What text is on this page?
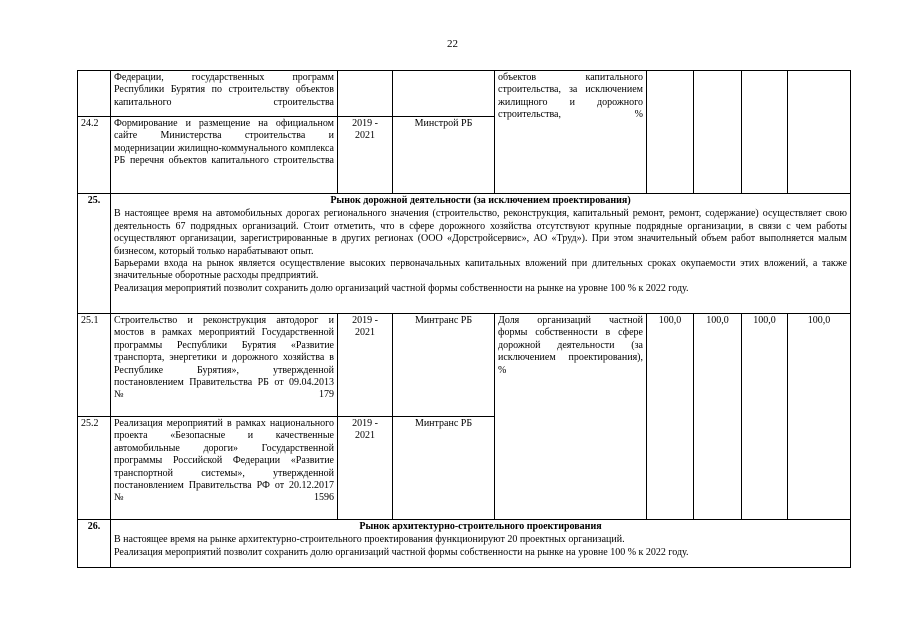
22
	Федерации, государственных программ Республики Бурятия по строительству объектов капитального строительства			объектов капитального строительства, за исключением жилищного и дорожного строительства, %				
24.2	Формирование и размещение на официальном сайте Министерства строительства и модернизации жилищно-коммунального комплекса РБ перечня объектов капитального строительства	2019 - 2021	Минстрой РБ					
25.	Рынок дорожной деятельности (за исключением проектирования)

В настоящее время на автомобильных дорогах регионального значения (строительство, реконструкция, капитальный ремонт, ремонт, содержание) осуществляет свою деятельность 67 подрядных организаций. Стоит отметить, что в сфере дорожного хозяйства отсутствуют крупные подрядные организации, в связи с чем работы осуществляют организации, зарегистрированные в других регионах (ООО «Дорстройсервис», АО «Труд»). При этом значительный объем работ выполняется малым бизнесом, который только нарабатывают опыт.

Барьерами входа на рынок является осуществление высоких первоначальных капитальных вложений при длительных сроках окупаемости этих вложений, а также значительные оборотные расходы предприятий.

Реализация мероприятий позволит сохранить долю организаций частной формы собственности на рынке на уровне 100 % к 2022 году.							

25.1	Строительство и реконструкция автодорог и мостов в рамках мероприятий Государственной программы Республики Бурятия «Развитие транспорта, энергетики и дорожного хозяйства в Республике Бурятия», утвержденной постановлением Правительства РБ от 09.04.2013 № 179	2019 - 2021	Минтранс РБ	Доля организаций частной формы собственности в сфере дорожной деятельности (за исключением проектирования), %	100,0	100,0	100,0	100,0
25.2	Реализация мероприятий в рамках национального проекта «Безопасные и качественные автомобильные дороги» Государственной программы Российской Федерации «Развитие транспортной системы», утвержденной постановлением Правительства РФ от 20.12.2017 № 1596	2019 - 2021	Минтранс РБ					
26.	Рынок архитектурно-строительного проектирования

В настоящее время на рынке архитектурно-строительного проектирования функционируют 20 проектных организаций.

Реализация мероприятий позволит сохранить долю организаций частной формы собственности на рынке на уровне 100 % к 2022 году.							
